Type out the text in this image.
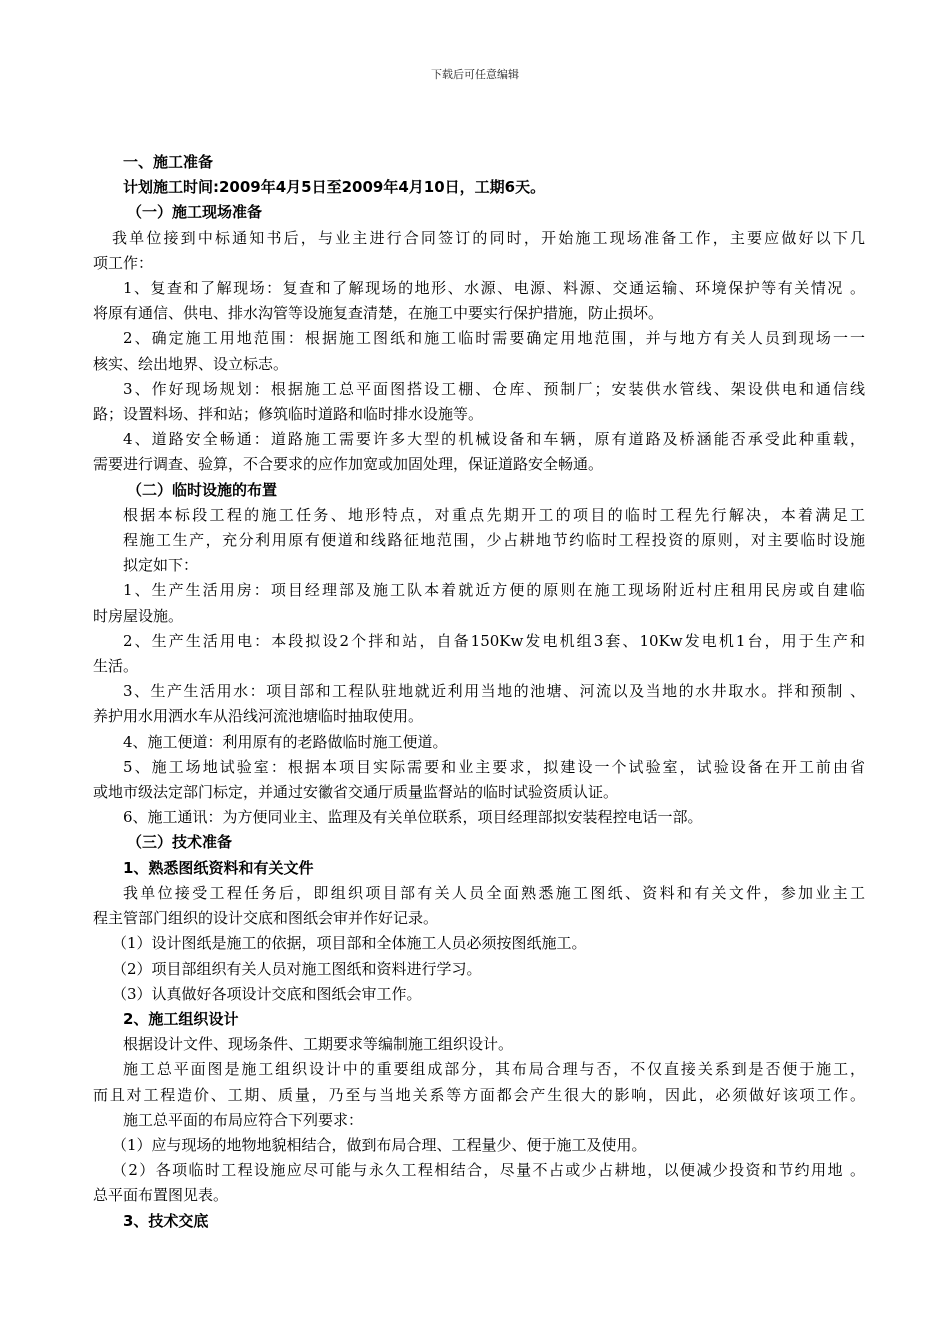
下载后可任意编辑
一、施工准备
计划施工时间:2009年4月5日至2009年4月10日，工期6天。
（一）施工现场准备
我单位接到中标通知书后，与业主进行合同签订的同时，开始施工现场准备工作，主要应做好以下几
项工作：
1、复查和了解现场：复查和了解现场的地形、水源、电源、料源、交通运输、环境保护等有关情况 。
将原有通信、供电、排水沟管等设施复查清楚，在施工中要实行保护措施，防止损坏。
2、确定施工用地范围：根据施工图纸和施工临时需要确定用地范围，并与地方有关人员到现场一一
核实、绘出地界、设立标志。
3、作好现场规划：根据施工总平面图搭设工棚、仓库、预制厂；安装供水管线、架设供电和通信线
路；设置料场、拌和站；修筑临时道路和临时排水设施等。
4、道路安全畅通：道路施工需要许多大型的机械设备和车辆，原有道路及桥涵能否承受此种重载，
需要进行调查、验算，不合要求的应作加宽或加固处理，保证道路安全畅通。
（二）临时设施的布置
根据本标段工程的施工任务、地形特点，对重点先期开工的项目的临时工程先行解决，本着满足工
程施工生产，充分利用原有便道和线路征地范围，少占耕地节约临时工程投资的原则，对主要临时设施
拟定如下：
1、生产生活用房：项目经理部及施工队本着就近方便的原则在施工现场附近村庄租用民房或自建临
时房屋设施。
2、生产生活用电：本段拟设2个拌和站，自备150Kw发电机组3套、10Kw发电机1台，用于生产和
生活。
3、生产生活用水：项目部和工程队驻地就近利用当地的池塘、河流以及当地的水井取水。拌和预制 、
养护用水用洒水车从沿线河流池塘临时抽取使用。
4、施工便道：利用原有的老路做临时施工便道。
5、施工场地试验室：根据本项目实际需要和业主要求，拟建设一个试验室，试验设备在开工前由省
或地市级法定部门标定，并通过安徽省交通厅质量监督站的临时试验资质认证。
6、施工通讯：为方便同业主、监理及有关单位联系，项目经理部拟安装程控电话一部。
（三）技术准备
1、熟悉图纸资料和有关文件
我单位接受工程任务后，即组织项目部有关人员全面熟悉施工图纸、资料和有关文件，参加业主工
程主管部门组织的设计交底和图纸会审并作好记录。
（1）设计图纸是施工的依据，项目部和全体施工人员必须按图纸施工。
（2）项目部组织有关人员对施工图纸和资料进行学习。
（3）认真做好各项设计交底和图纸会审工作。
2、施工组织设计
根据设计文件、现场条件、工期要求等编制施工组织设计。
施工总平面图是施工组织设计中的重要组成部分，其布局合理与否，不仅直接关系到是否便于施工，
而且对工程造价、工期、质量，乃至与当地关系等方面都会产生很大的影响，因此，必须做好该项工作。
施工总平面的布局应符合下列要求：
（1）应与现场的地物地貌相结合，做到布局合理、工程量少、便于施工及使用。
（2）各项临时工程设施应尽可能与永久工程相结合，尽量不占或少占耕地，以便减少投资和节约用地 。
总平面布置图见表。
3、技术交底
